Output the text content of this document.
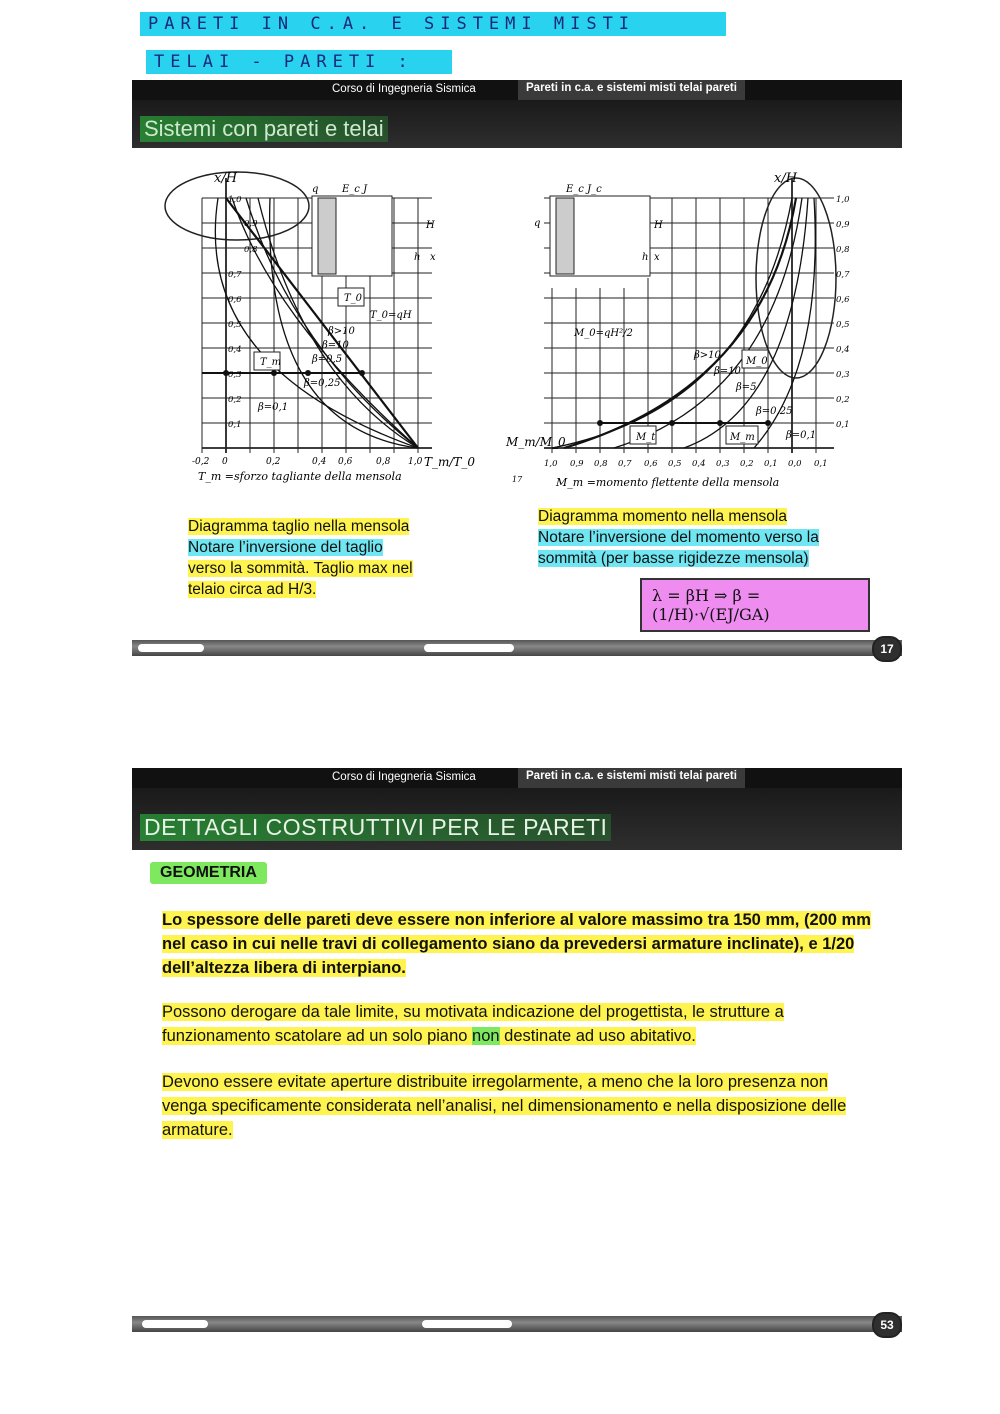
PARETI IN C.A. E SISTEMI MISTI
TELAI - PARETI :
Corso di Ingegneria Sismica	Pareti in c.a. e sistemi misti telai pareti
Sistemi con pareti e telai
x/H
T_m/T_0
T_m =sforzo tagliante della mensola
-0,2 0	0,2	0,4 0,6	0,8 1,0
1,0
0,9
0,8
0,7
0,6
0,5
0,4
0,3
0,2
0,1
β>10
β=10
β=0,5
β=0,25
β=0,1
T_0
T_0=qH
T_m
q E_c J
H
h x
x/H
M_m/M_0
M_m =momento flettente della mensola
17
1,0 0,9 0,8 0,7 0,6 0,5 0,4 0,3 0,2 0,1 0,0 0,1
1,0
0,9
0,8
0,7
0,6
0,5
0,4
0,3
0,2
0,1
β>10
β=10
β=5
β=0,25
β=0,1
M_0=qH²/2
M_0
M_t	M_m
E_c J_c
q	H
h x
Diagramma taglio nella mensola
Notare l’inversione del taglio
verso la sommità. Taglio max nel
telaio circa ad H/3.
Diagramma momento nella mensola
Notare l’inversione del momento verso la
sommità (per basse rigidezze mensola)
λ = βH ⇒ β = (1/H)·√(EJ/GA)
17
Corso di Ingegneria Sismica	Pareti in c.a. e sistemi misti telai pareti
DETTAGLI COSTRUTTIVI PER LE PARETI
GEOMETRIA
Lo spessore delle pareti deve essere non inferiore al valore massimo tra 150 mm, (200 mm nel caso in cui nelle travi di collegamento siano da prevedersi armature inclinate), e 1/20 dell’altezza libera di interpiano.
Possono derogare da tale limite, su motivata indicazione del progettista, le strutture a funzionamento scatolare ad un solo piano non destinate ad uso abitativo.
Devono essere evitate aperture distribuite irregolarmente, a meno che la loro presenza non venga specificamente considerata nell’analisi, nel dimensionamento e nella disposizione delle armature.
53
